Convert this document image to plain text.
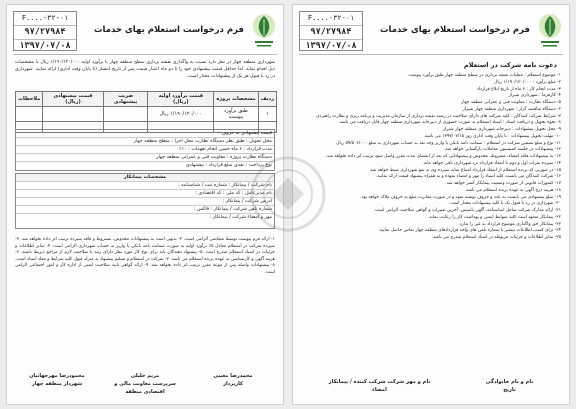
F....-۳۲-۰۱
۹۷/۲۷۹۸۴
۱۳۹۷/۰۷/۰۸
فرم درخواست استعلام بهای خدمات
شهرداری منطقه چهار در نظر دارد نسبت به واگذاری نقشه برداری سطح منطقه چهار با برآورد اولیه ۱/۱۹۰/۱۲۰/۰۰۰ ریال با مشخصات ذیل اقدام نماید. لذا حداقل قیمت پیشنهادی خود را تا دو ماه اعتبار قیمت پس از تاریخ انتشار (تا پایان وقت اداری) ارائه نمایید. شهرداری در رد یا قبول هر یک از پیشنهادات مختار است.
ردیف	مشخصات پروژه	قیمت برآورد اولیه (ریال)	ضریب پیشنهادی	قیمت پیشنهادی (ریال)	ملاحظات
۱	طبق برآورد پیوست	۱/۱۹۰/۱۲۰/۰۰۰ ریال			

قیمت پیشنهادی به حروف :
محل تحویل : طبق نظر دستگاه نظارت محل اجرا : سطح منطقه چهار
مدت قرارداد : ۶ ماه حسن انجام تعهدات : ۱۰٪
دستگاه نظارت پروژه : معاونت فنی و عمرانی منطقه چهار
نوع پرداخت : نقدی مبلغ قرارداد : پیشنهادی
مشخصات پیمانکار
نام شرکت / پیمانکار : شماره ثبت / شناسنامه :
نام مدیرعامل : کد ملی : کد اقتصادی :
آدرس شرکت / پیمانکار :
شماره تلفن شرکت / پیمانکار : فاکس :
مهر و امضاء شرکت / پیمانکار :
۱- ارائه فرم پیوست توسط متقاضی الزامی است. ۲- بدیهی است به پیشنهادات مخدوش، مشروط و فاقد سپرده ترتیب اثر داده نخواهد شد. ۳- سپرده شرکت در استعلام معادل ۵٪ برآورد اولیه به صورت ضمانت نامه بانکی یا واریز به حساب شهرداری الزامی است. ۴- سایر اطلاعات و جزئیات در اسناد استعلام مندرج است. ۵- پیشنهاد دهندگان باید برای نوع کار مورد نظر دارای رتبه یا صلاحیت لازم از مراجع ذیربط باشند. ۶- هزینه آگهی و کارشناسی به عهده برنده استعلام می باشد. ۷- شرکت در استعلام و تسلیم پیشنهاد به منزله قبول کلیه شرایط و مفاد اسناد است. ۸- پیشنهادات واصله پس از موعد مقرر ترتیب اثر داده نخواهد شد. ۹- ارائه گواهی تایید صلاحیت ایمنی از اداره کار و امور اجتماعی الزامی است.
محمدرضا معینی
کارپرداز
مریم خلیلی
سرپرست معاونت مالی و اقتصادی منطقه
محمودرضا مهرجهانیان
شهردار منطقه چهار
F....-۳۲-۰۱
۹۷/۲۷۹۸۴
۱۳۹۷/۰۷/۰۸
فرم درخواست استعلام بهای خدمات
دعوت نامه شرکت در استعلام

۱- موضوع استعلام : عملیات نقشه برداری در سطح منطقه چهار طبق برآورد پیوست

۲- مبلغ برآورد : ۱/۱۹۰/۱۲۰/۰۰۰ ریال

۳- مدت انجام کار : ۶ ماه از تاریخ ابلاغ قرارداد

۴- کارفرما : شهرداری شیراز

۵- دستگاه نظارت : معاونت فنی و عمرانی منطقه چهار

۶- دستگاه مناقصه گزار : شهرداری منطقه چهار شیراز

۷- شرایط شرکت کنندگان : کلیه شرکت های دارای صلاحیت در رشته نقشه برداری از سازمان مدیریت و برنامه ریزی و نظارت راهبردی

۸- نحوه تحویل و دریافت اسناد : اسناد استعلام به صورت حضوری از دبیرخانه شهرداری منطقه چهار قابل دریافت می باشد.

۹- محل تحویل پیشنهادات : دبیرخانه شهرداری منطقه چهار شیراز

۱۰- مهلت تحویل پیشنهادات : تا پایان وقت اداری روز ۱۳۹۷/۰۷/۱۵ می باشد.

۱۱- نوع و مبلغ تضمین شرکت در استعلام : ضمانت نامه بانکی یا واریز وجه نقد به حساب شهرداری به مبلغ ۵۹/۵۰۶/۰۰۰ ریال

۱۲- پیشنهادات در جلسه کمیسیون معاملات بازگشایی خواهد شد.

۱۳- به پیشنهادات فاقد امضاء، مشروط، مخدوش و پیشنهاداتی که بعد از انقضای مدت مقرر واصل شود ترتیب اثر داده نخواهد شد.

۱۴- سپرده نفرات اول و دوم تا انعقاد قرارداد نزد شهرداری باقی خواهد ماند.

۱۵- در صورتی که برنده استعلام از انعقاد قرارداد امتناع نماید سپرده وی به نفع شهرداری ضبط خواهد شد.

۱۶- شرکت کنندگان می بایست کلیه اسناد را مهر و امضاء نموده و به همراه پیشنهاد قیمت ارائه نمایند.

۱۷- کسورات قانونی از صورت وضعیت پیمانکار کسر خواهد شد.

۱۸- هزینه درج آگهی به عهده برنده استعلام می باشد.

۱۹- مبلغ پیشنهادی می بایست به عدد و حروف نوشته شود و در صورت مغایرت مبلغ به حروف ملاک خواهد بود.

۲۰- شهرداری در رد یا قبول یک یا کلیه پیشنهادات مختار است.

۲۱- ارائه مدارک شرکت شامل اساسنامه، آگهی تاسیس، آخرین تغییرات و گواهی صلاحیت الزامی است.

۲۲- پیمانکار متعهد است کلیه ضوابط ایمنی و بهداشت کار را رعایت نماید.

۲۳- پیمانکار حق واگذاری موضوع قرارداد به غیر را ندارد.

۲۴- برای کسب اطلاعات بیشتر با شماره تلفن های واحد قراردادهای منطقه چهار تماس حاصل نمایید.

۲۵- سایر اطلاعات و جزئیات مربوطه در اسناد استعلام مندرج می باشد.

نام و مهر شرکت شرکت کننده / پیمانکار
امضاء
نام و نام خانوادگی
تاریخ
